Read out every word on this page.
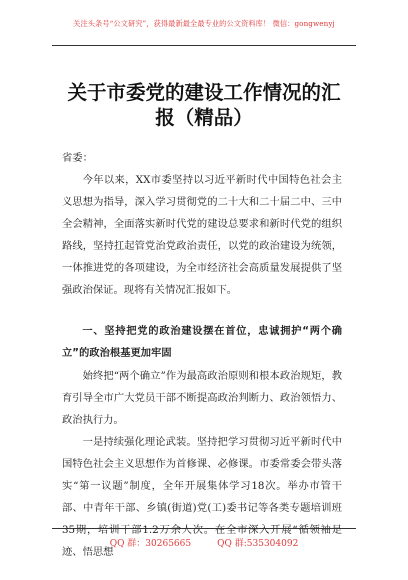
关注头条号“公文研究”，获得最新最全最专业的公文资料库！ 微信：gongwenyj
关于市委党的建设工作情况的汇报（精品）

省委：

今年以来，XX市委坚持以习近平新时代中国特色社会主义思想为指导，深入学习贯彻党的二十大和二十届二中、三中全会精神，全面落实新时代党的建设总要求和新时代党的组织路线，坚持扛起管党治党政治责任，以党的政治建设为统领，一体推进党的各项建设，为全市经济社会高质量发展提供了坚强政治保证。现将有关情况汇报如下。

一、坚持把党的政治建设摆在首位，忠诚拥护“两个确立”的政治根基更加牢固

始终把“两个确立”作为最高政治原则和根本政治规矩，教育引导全市广大党员干部不断提高政治判断力、政治领悟力、政治执行力。

一是持续强化理论武装。坚持把学习贯彻习近平新时代中国特色社会主义思想作为首修课、必修课。市委常委会带头落实“第一议题”制度，全年开展集体学习18次。举办市管干部、中青年干部、乡镇(街道)党(工)委书记等各类专题培训班35期，培训干部1.2万余人次。在全市深入开展“循领袖足迹、悟思想

QQ 群：30265665	QQ 群:535304092
